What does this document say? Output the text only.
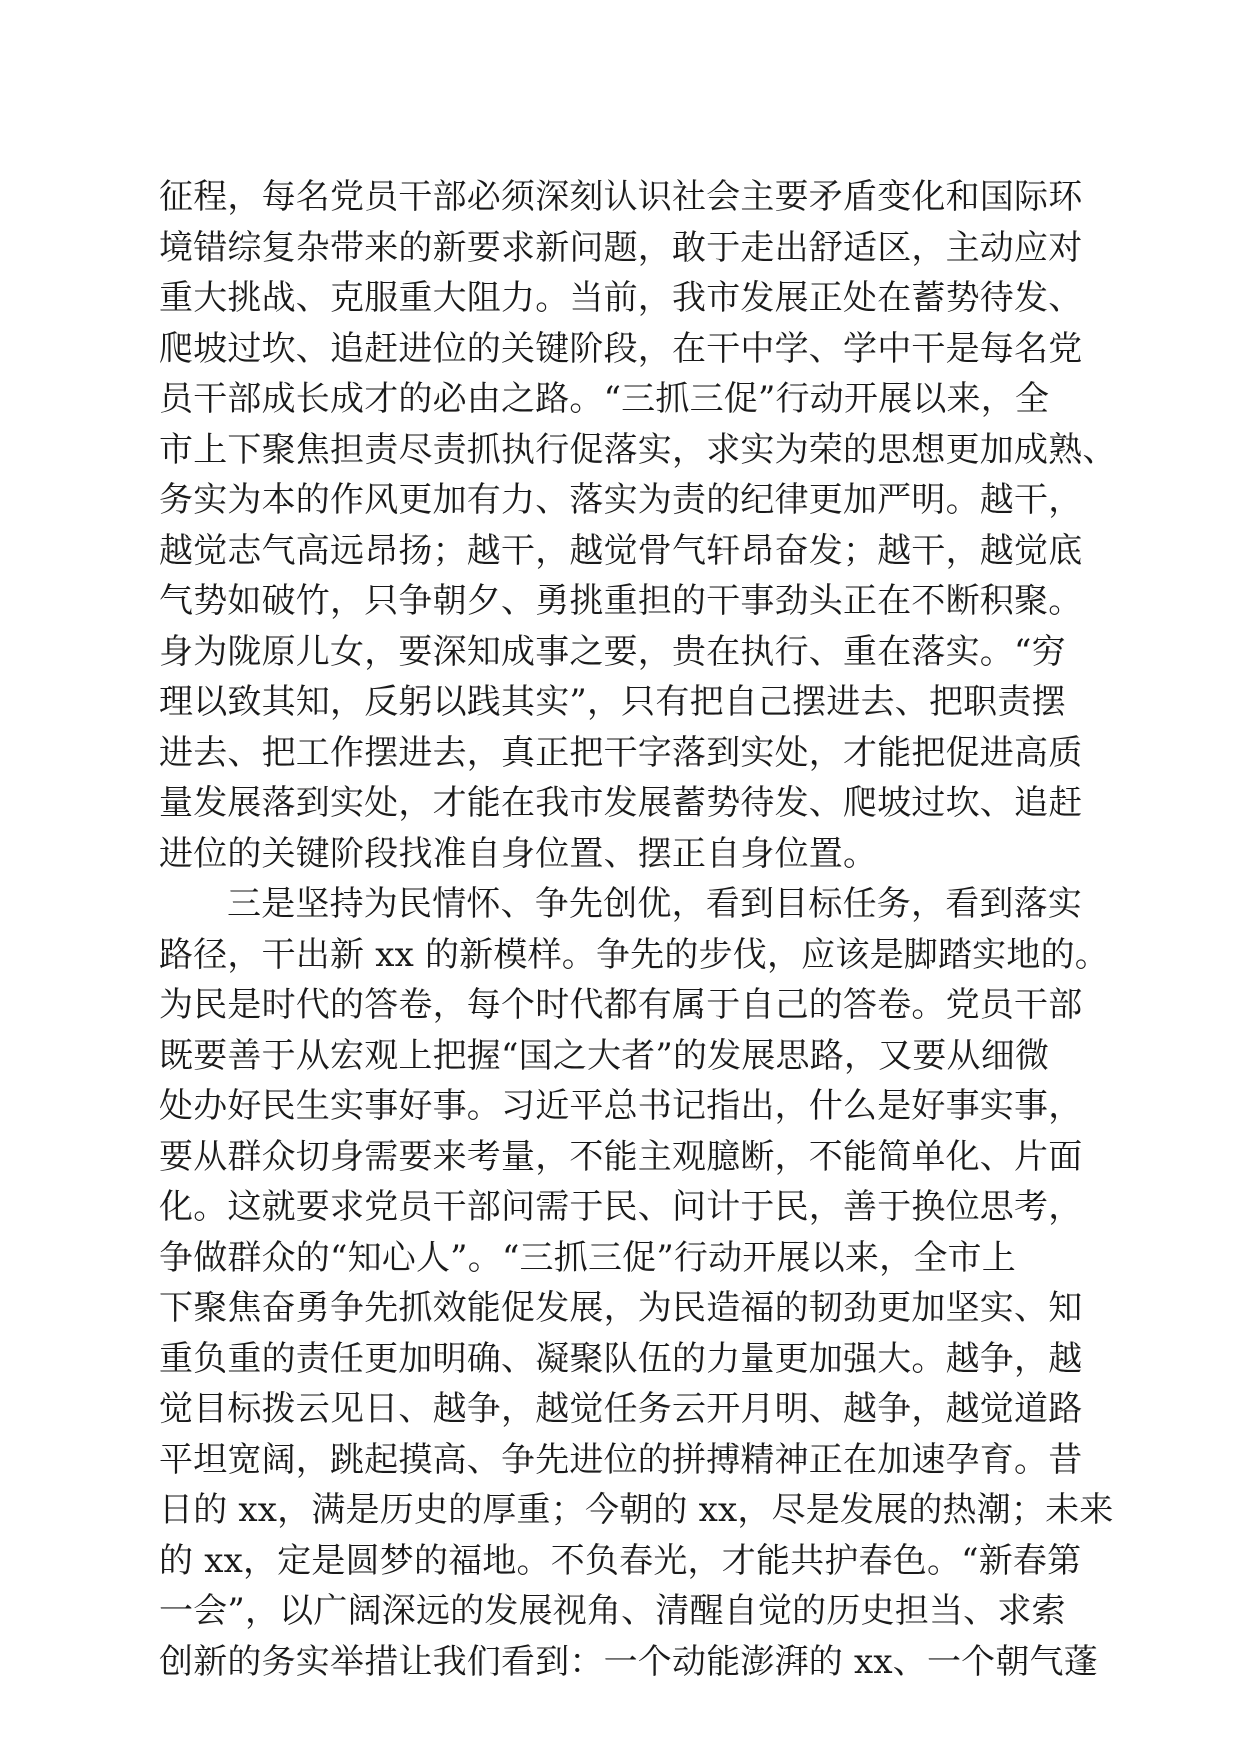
征程，每名党员干部必须深刻认识社会主要矛盾变化和国际环
境错综复杂带来的新要求新问题，敢于走出舒适区，主动应对
重大挑战、克服重大阻力。当前，我市发展正处在蓄势待发、
爬坡过坎、追赶进位的关键阶段，在干中学、学中干是每名党
员干部成长成才的必由之路。“三抓三促”行动开展以来，全
市上下聚焦担责尽责抓执行促落实，求实为荣的思想更加成熟、
务实为本的作风更加有力、落实为责的纪律更加严明。越干，
越觉志气高远昂扬；越干，越觉骨气轩昂奋发；越干，越觉底
气势如破竹，只争朝夕、勇挑重担的干事劲头正在不断积聚。
身为陇原儿女，要深知成事之要，贵在执行、重在落实。“穷
理以致其知，反躬以践其实”，只有把自己摆进去、把职责摆
进去、把工作摆进去，真正把干字落到实处，才能把促进高质
量发展落到实处，才能在我市发展蓄势待发、爬坡过坎、追赶
进位的关键阶段找准自身位置、摆正自身位置。
三是坚持为民情怀、争先创优，看到目标任务，看到落实
路径，干出新 xx 的新模样。争先的步伐，应该是脚踏实地的。
为民是时代的答卷，每个时代都有属于自己的答卷。党员干部
既要善于从宏观上把握“国之大者”的发展思路，又要从细微
处办好民生实事好事。习近平总书记指出，什么是好事实事，
要从群众切身需要来考量，不能主观臆断，不能简单化、片面
化。这就要求党员干部问需于民、问计于民，善于换位思考，
争做群众的“知心人”。“三抓三促”行动开展以来，全市上
下聚焦奋勇争先抓效能促发展，为民造福的韧劲更加坚实、知
重负重的责任更加明确、凝聚队伍的力量更加强大。越争，越
觉目标拨云见日、越争，越觉任务云开月明、越争，越觉道路
平坦宽阔，跳起摸高、争先进位的拼搏精神正在加速孕育。昔
日的 xx，满是历史的厚重；今朝的 xx，尽是发展的热潮；未来
的 xx，定是圆梦的福地。不负春光，才能共护春色。“新春第
一会”，以广阔深远的发展视角、清醒自觉的历史担当、求索
创新的务实举措让我们看到：一个动能澎湃的 xx、一个朝气蓬
